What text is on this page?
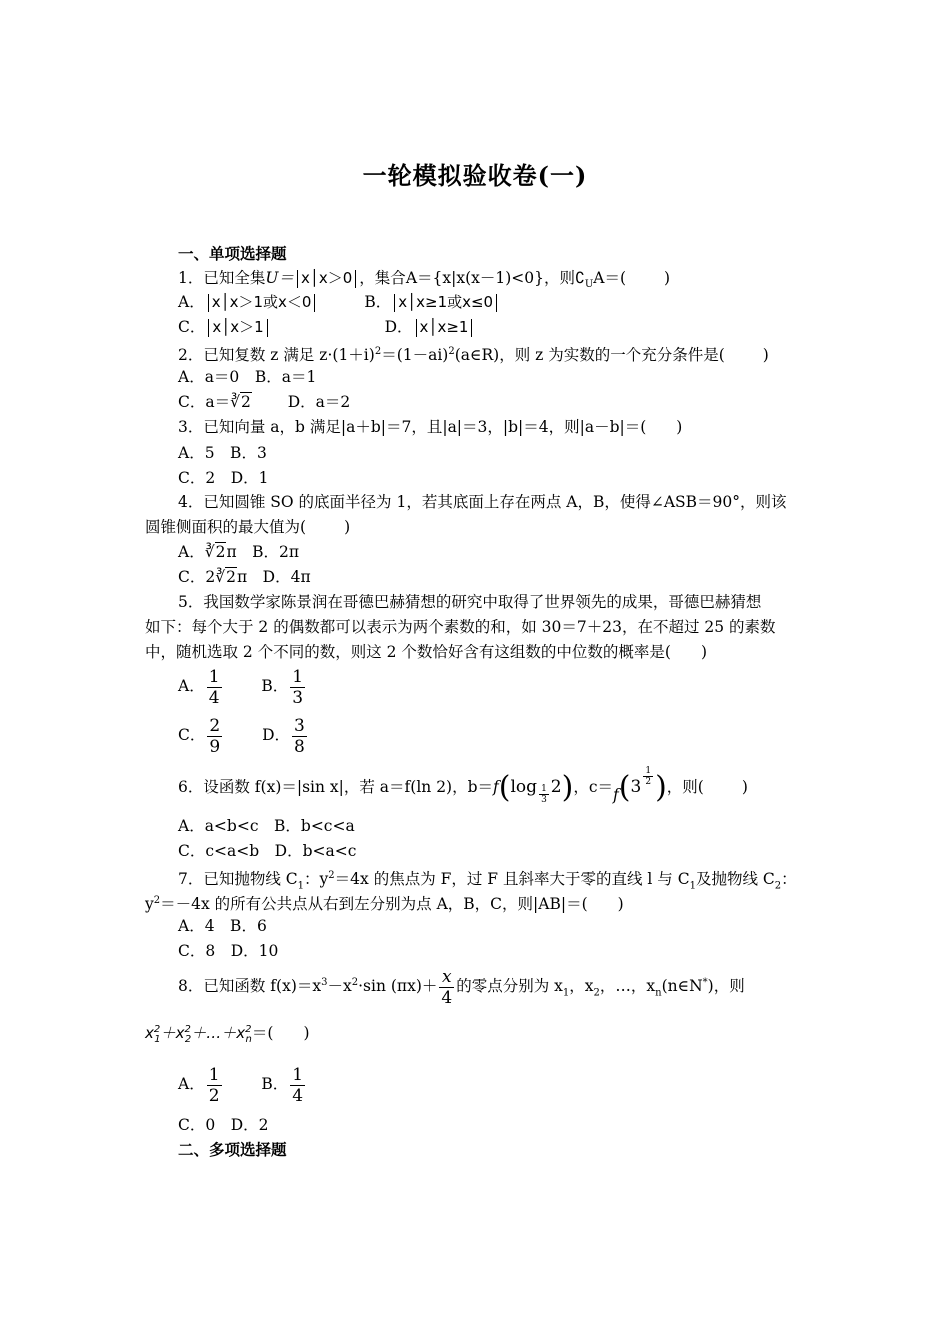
一轮模拟验收卷(一)
一、单项选择题
1．已知全集U＝ x│x＞0 ，集合A＝{x|x(x－1)<0}，则$∁_UA=$( )
A． x│x＞1或x＜0	B． x│x≥1或x≤0
C． x│x＞1	D． x│x≥1
2．已知复数 z 满足 $z\cdot(1+i)^2=(1-ai)^2(a\in R)$，则 z 为实数的一个充分条件是( )
A．a＝0　 B．a＝1
C．a＝∛2 D．a＝2
3．已知向量 a，b 满足|a＋b|＝7，且|a|＝3，|b|＝4，则|a－b|＝( )
A．5　B．3
C．2　D．1
4．已知圆锥 SO 的底面半径为 1，若其底面上存在两点 A，B，使得∠ASB＝90°，则该
圆锥侧面积的最大值为( )
A．∛2π　B．2π
C．2∛2π　D．4π
5．我国数学家陈景润在哥德巴赫猜想的研究中取得了世界领先的成果，哥德巴赫猜想
如下：每个大于 2 的偶数都可以表示为两个素数的和，如 30＝7＋23，在不超过 25 的素数
中，随机选取 2 个不同的数，则这 2 个数恰好含有这组数的中位数的概率是( )
A． $\frac{1}{4}$	B． $\frac{1}{3}$
C． $\frac{2}{9}$	D． $\frac{3}{8}$
6．设函数 f(x)＝|sin x|，若 a＝f(ln 2)，$b=f(\log \frac{1}{3} 2)$，$c=f(3 \frac{1}{2}$ )，则( )
A．a<b<c　B．b<c<a
C．c<a<b　D．b<a<c
7．已知抛物线 $C_1$：$y^2=4x$ 的焦点为 F，过 F 且斜率大于零的直线 l 与 $C_1$及抛物线 $C_2$：
$y^2=-4x$ 的所有公共点从右到左分别为点 A，B，C，则|AB|＝( )
A．4　B．6
C．8　D．10
8．已知函数 $f(x)=x^3-x^2\cdot\sin$ $(\pi x)+ \frac{x}{4}$ 的零点分别为 $x_1$，$x_2$，…，$x_n(n\in N^*)$，则
$x^2_1+x^2_2+\dots+x^2_n=$( )
A． $\frac{1}{2}$	B． $\frac{1}{4}$
C．0　D．2
二、多项选择题
